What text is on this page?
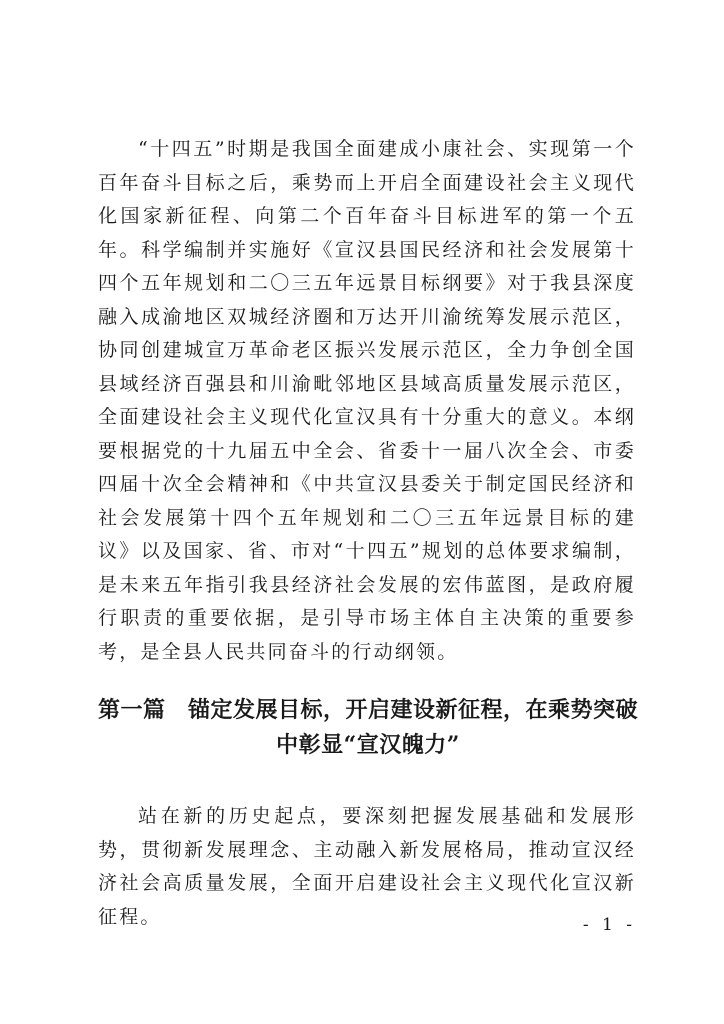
“十四五”时期是我国全面建成小康社会、实现第一个百年奋斗目标之后，乘势而上开启全面建设社会主义现代化国家新征程、向第二个百年奋斗目标进军的第一个五年。科学编制并实施好《宣汉县国民经济和社会发展第十四个五年规划和二〇三五年远景目标纲要》对于我县深度融入成渝地区双城经济圈和万达开川渝统筹发展示范区，协同创建城宣万革命老区振兴发展示范区，全力争创全国县域经济百强县和川渝毗邻地区县域高质量发展示范区，全面建设社会主义现代化宣汉具有十分重大的意义。本纲要根据党的十九届五中全会、省委十一届八次全会、市委四届十次全会精神和《中共宣汉县委关于制定国民经济和社会发展第十四个五年规划和二〇三五年远景目标的建议》以及国家、省、市对“十四五”规划的总体要求编制，是未来五年指引我县经济社会发展的宏伟蓝图，是政府履行职责的重要依据，是引导市场主体自主决策的重要参考，是全县人民共同奋斗的行动纲领。

第一篇　锚定发展目标，开启建设新征程，在乘势突破
中彰显“宣汉魄力”

站在新的历史起点，要深刻把握发展基础和发展形势，贯彻新发展理念、主动融入新发展格局，推动宣汉经济社会高质量发展，全面开启建设社会主义现代化宣汉新征程。	- 1 -
